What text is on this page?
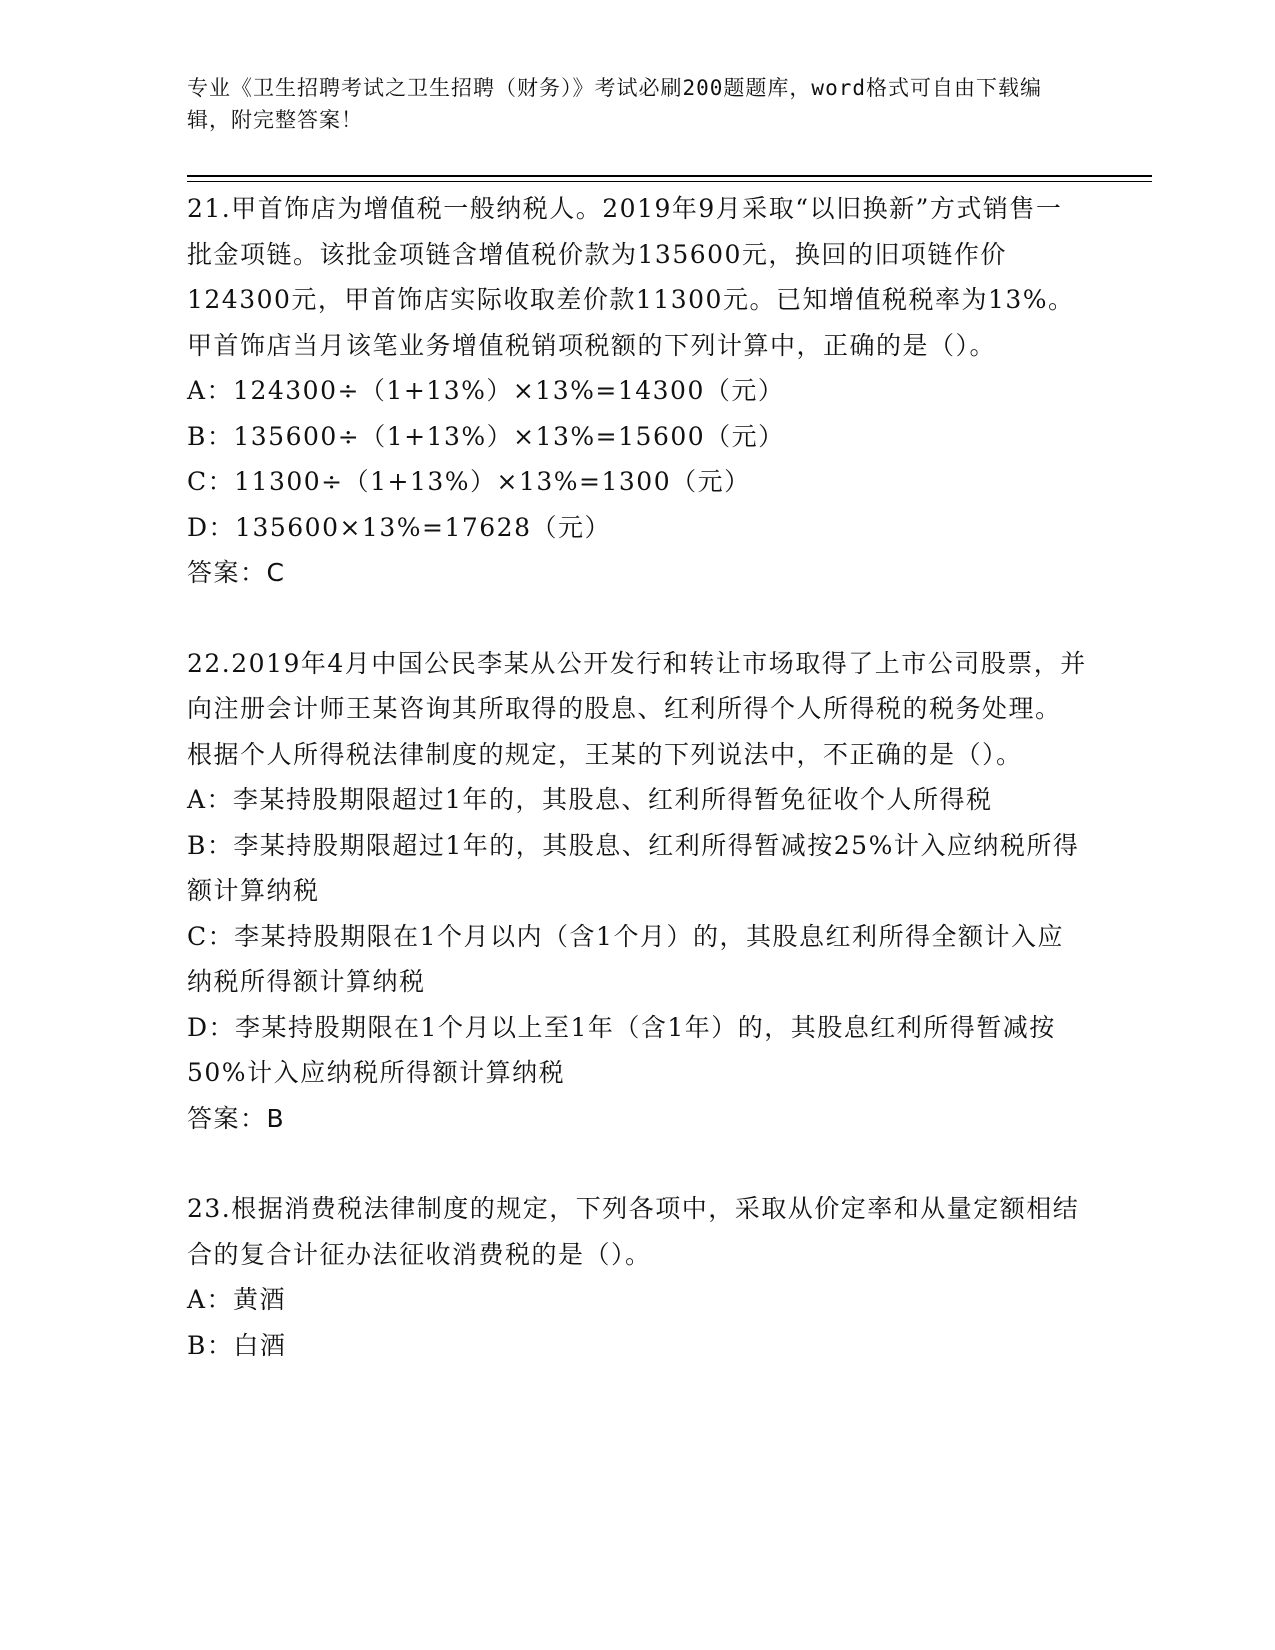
专业《卫生招聘考试之卫生招聘（财务）》考试必刷200题题库，word格式可自由下载编辑，附完整答案！

21.甲首饰店为增值税一般纳税人。2019年9月采取“以旧换新”方式销售一批金项链。该批金项链含增值税价款为135600元，换回的旧项链作价124300元，甲首饰店实际收取差价款11300元。已知增值税税率为13%。甲首饰店当月该笔业务增值税销项税额的下列计算中，正确的是（）。

A：124300÷（1+13%）×13%=14300（元）

B：135600÷（1+13%）×13%=15600（元）

C：11300÷（1+13%）×13%=1300（元）

D：135600×13%=17628（元）

答案：C

22.2019年4月中国公民李某从公开发行和转让市场取得了上市公司股票，并向注册会计师王某咨询其所取得的股息、红利所得个人所得税的税务处理。根据个人所得税法律制度的规定，王某的下列说法中，不正确的是（）。

A：李某持股期限超过1年的，其股息、红利所得暂免征收个人所得税

B：李某持股期限超过1年的，其股息、红利所得暂减按25%计入应纳税所得额计算纳税

C：李某持股期限在1个月以内（含1个月）的，其股息红利所得全额计入应纳税所得额计算纳税

D：李某持股期限在1个月以上至1年（含1年）的，其股息红利所得暂减按50%计入应纳税所得额计算纳税

答案：B

23.根据消费税法律制度的规定，下列各项中，采取从价定率和从量定额相结合的复合计征办法征收消费税的是（）。

A：黄酒

B：白酒
